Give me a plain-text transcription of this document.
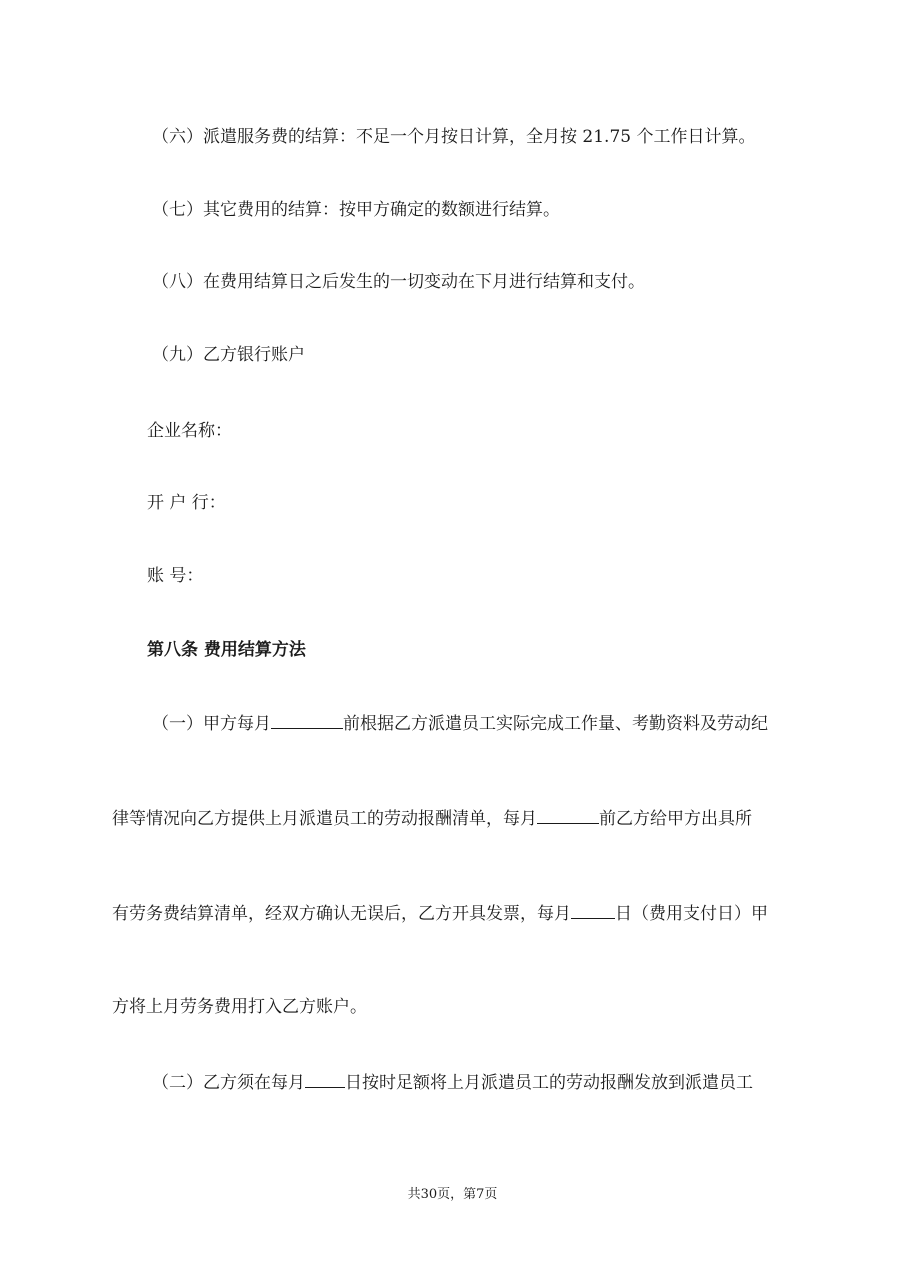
（六）派遣服务费的结算：不足一个月按日计算，全月按 21.75 个工作日计算。
（七）其它费用的结算：按甲方确定的数额进行结算。
（八）在费用结算日之后发生的一切变动在下月进行结算和支付。
（九）乙方银行账户
企业名称：
开 户 行：
账 号：
第八条 费用结算方法
（一）甲方每月	前根据乙方派遣员工实际完成工作量、考勤资料及劳动纪
律等情况向乙方提供上月派遣员工的劳动报酬清单，每月	前乙方给甲方出具所
有劳务费结算清单，经双方确认无误后，乙方开具发票，每月	日（费用支付日）甲
方将上月劳务费用打入乙方账户。
（二）乙方须在每月 日按时足额将上月派遣员工的劳动报酬发放到派遣员工
共30页，第7页
